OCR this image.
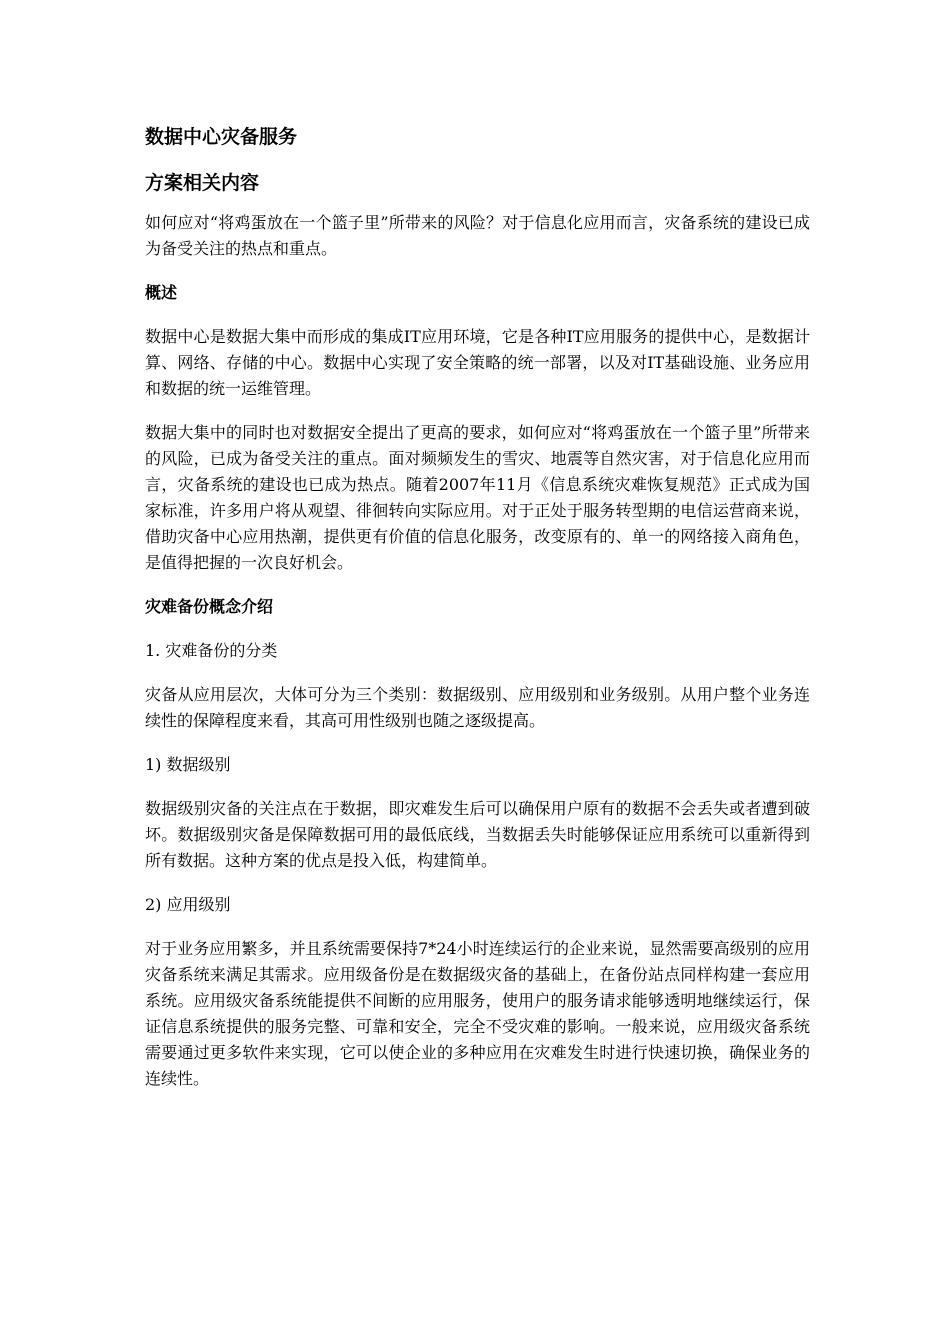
数据中心灾备服务
方案相关内容
如何应对“将鸡蛋放在一个篮子里”所带来的风险？对于信息化应用而言，灾备系统的建设已成为备受关注的热点和重点。
概述
数据中心是数据大集中而形成的集成IT应用环境，它是各种IT应用服务的提供中心，是数据计算、网络、存储的中心。数据中心实现了安全策略的统一部署，以及对IT基础设施、业务应用和数据的统一运维管理。
数据大集中的同时也对数据安全提出了更高的要求，如何应对“将鸡蛋放在一个篮子里”所带来的风险，已成为备受关注的重点。面对频频发生的雪灾、地震等自然灾害，对于信息化应用而言，灾备系统的建设也已成为热点。随着2007年11月《信息系统灾难恢复规范》正式成为国家标准，许多用户将从观望、徘徊转向实际应用。对于正处于服务转型期的电信运营商来说，借助灾备中心应用热潮，提供更有价值的信息化服务，改变原有的、单一的网络接入商角色，是值得把握的一次良好机会。
灾难备份概念介绍
1. 灾难备份的分类
灾备从应用层次，大体可分为三个类别：数据级别、应用级别和业务级别。从用户整个业务连续性的保障程度来看，其高可用性级别也随之逐级提高。
1) 数据级别
数据级别灾备的关注点在于数据，即灾难发生后可以确保用户原有的数据不会丢失或者遭到破坏。数据级别灾备是保障数据可用的最低底线，当数据丢失时能够保证应用系统可以重新得到所有数据。这种方案的优点是投入低，构建简单。
2) 应用级别
对于业务应用繁多，并且系统需要保持7*24小时连续运行的企业来说，显然需要高级别的应用灾备系统来满足其需求。应用级备份是在数据级灾备的基础上，在备份站点同样构建一套应用系统。应用级灾备系统能提供不间断的应用服务，使用户的服务请求能够透明地继续运行，保证信息系统提供的服务完整、可靠和安全，完全不受灾难的影响。一般来说，应用级灾备系统需要通过更多软件来实现，它可以使企业的多种应用在灾难发生时进行快速切换，确保业务的连续性。
